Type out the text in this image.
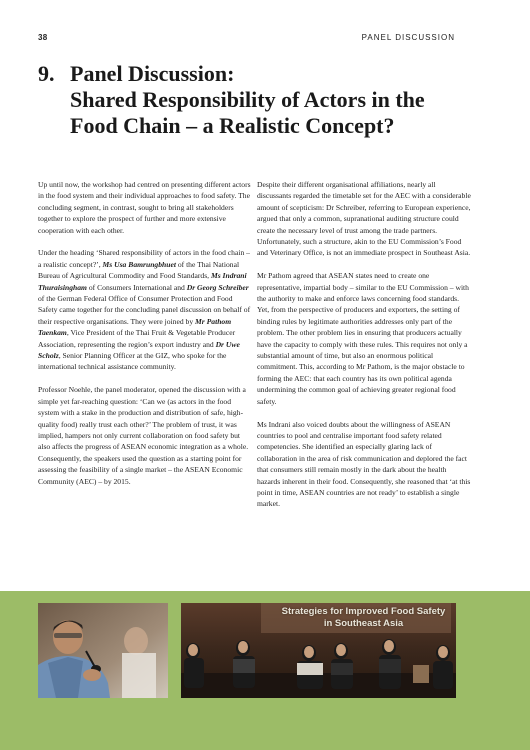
38	PANEL DISCUSSION
9. Panel Discussion:
Shared Responsibility of Actors in the
Food Chain – a Realistic Concept?

Up until now, the workshop had centred on presenting different actors in the food system and their individual approaches to food safety. The concluding segment, in contrast, sought to bring all stakeholders together to explore the prospect of further and more extensive cooperation with each other.

Under the heading ‘Shared responsibility of actors in the food chain – a realistic concept?’, Ms Usa Bamrungbhuet of the Thai National Bureau of Agricultural Commodity and Food Standards, Ms Indrani Thuraisingham of Consumers International and Dr Georg Schreiber of the German Federal Office of Consumer Protection and Food Safety came together for the concluding panel discussion on behalf of their respective organisations. They were joined by Mr Pathom Taenkam, Vice President of the Thai Fruit & Vegetable Producer Association, representing the region’s export industry and Dr Uwe Scholz, Senior Planning Officer at the GIZ, who spoke for the international technical assistance community.

Professor Noehle, the panel moderator, opened the discussion with a simple yet far-reaching question: ‘Can we (as actors in the food system with a stake in the production and distribution of safe, high-quality food) really trust each other?’ The problem of trust, it was implied, hampers not only current collaboration on food safety but also affects the progress of ASEAN economic integration as a whole. Consequently, the speakers used the question as a starting point for assessing the feasibility of a single market – the ASEAN Economic Community (AEC) – by 2015.

Despite their different organisational affiliations, nearly all discussants regarded the timetable set for the AEC with a considerable amount of scepticism: Dr Schreiber, referring to European experience, argued that only a common, supranational auditing structure could create the necessary level of trust among the trade partners. Unfortunately, such a structure, akin to the EU Commission’s Food and Veterinary Office, is not an immediate prospect in Southeast Asia.

Mr Pathom agreed that ASEAN states need to create one representative, impartial body – similar to the EU Commission – with the authority to make and enforce laws concerning food standards. Yet, from the perspective of producers and exporters, the setting of binding rules by legitimate authorities addresses only part of the problem. The other problem lies in ensuring that producers actually have the capacity to comply with these rules. This requires not only a substantial amount of time, but also an enormous political commitment. This, according to Mr Pathom, is the major obstacle to forming the AEC: that each country has its own political agenda undermining the common goal of achieving greater regional food safety.

Ms Indrani also voiced doubts about the willingness of ASEAN countries to pool and centralise important food safety related competencies. She identified an especially glaring lack of collaboration in the area of risk communication and deplored the fact that consumers still remain mostly in the dark about the health hazards inherent in their food. Consequently, she reasoned that ‘at this point in time, ASEAN countries are not ready’ to establish a single market.

Strategies for Improved Food Safety
in Southeast Asia
